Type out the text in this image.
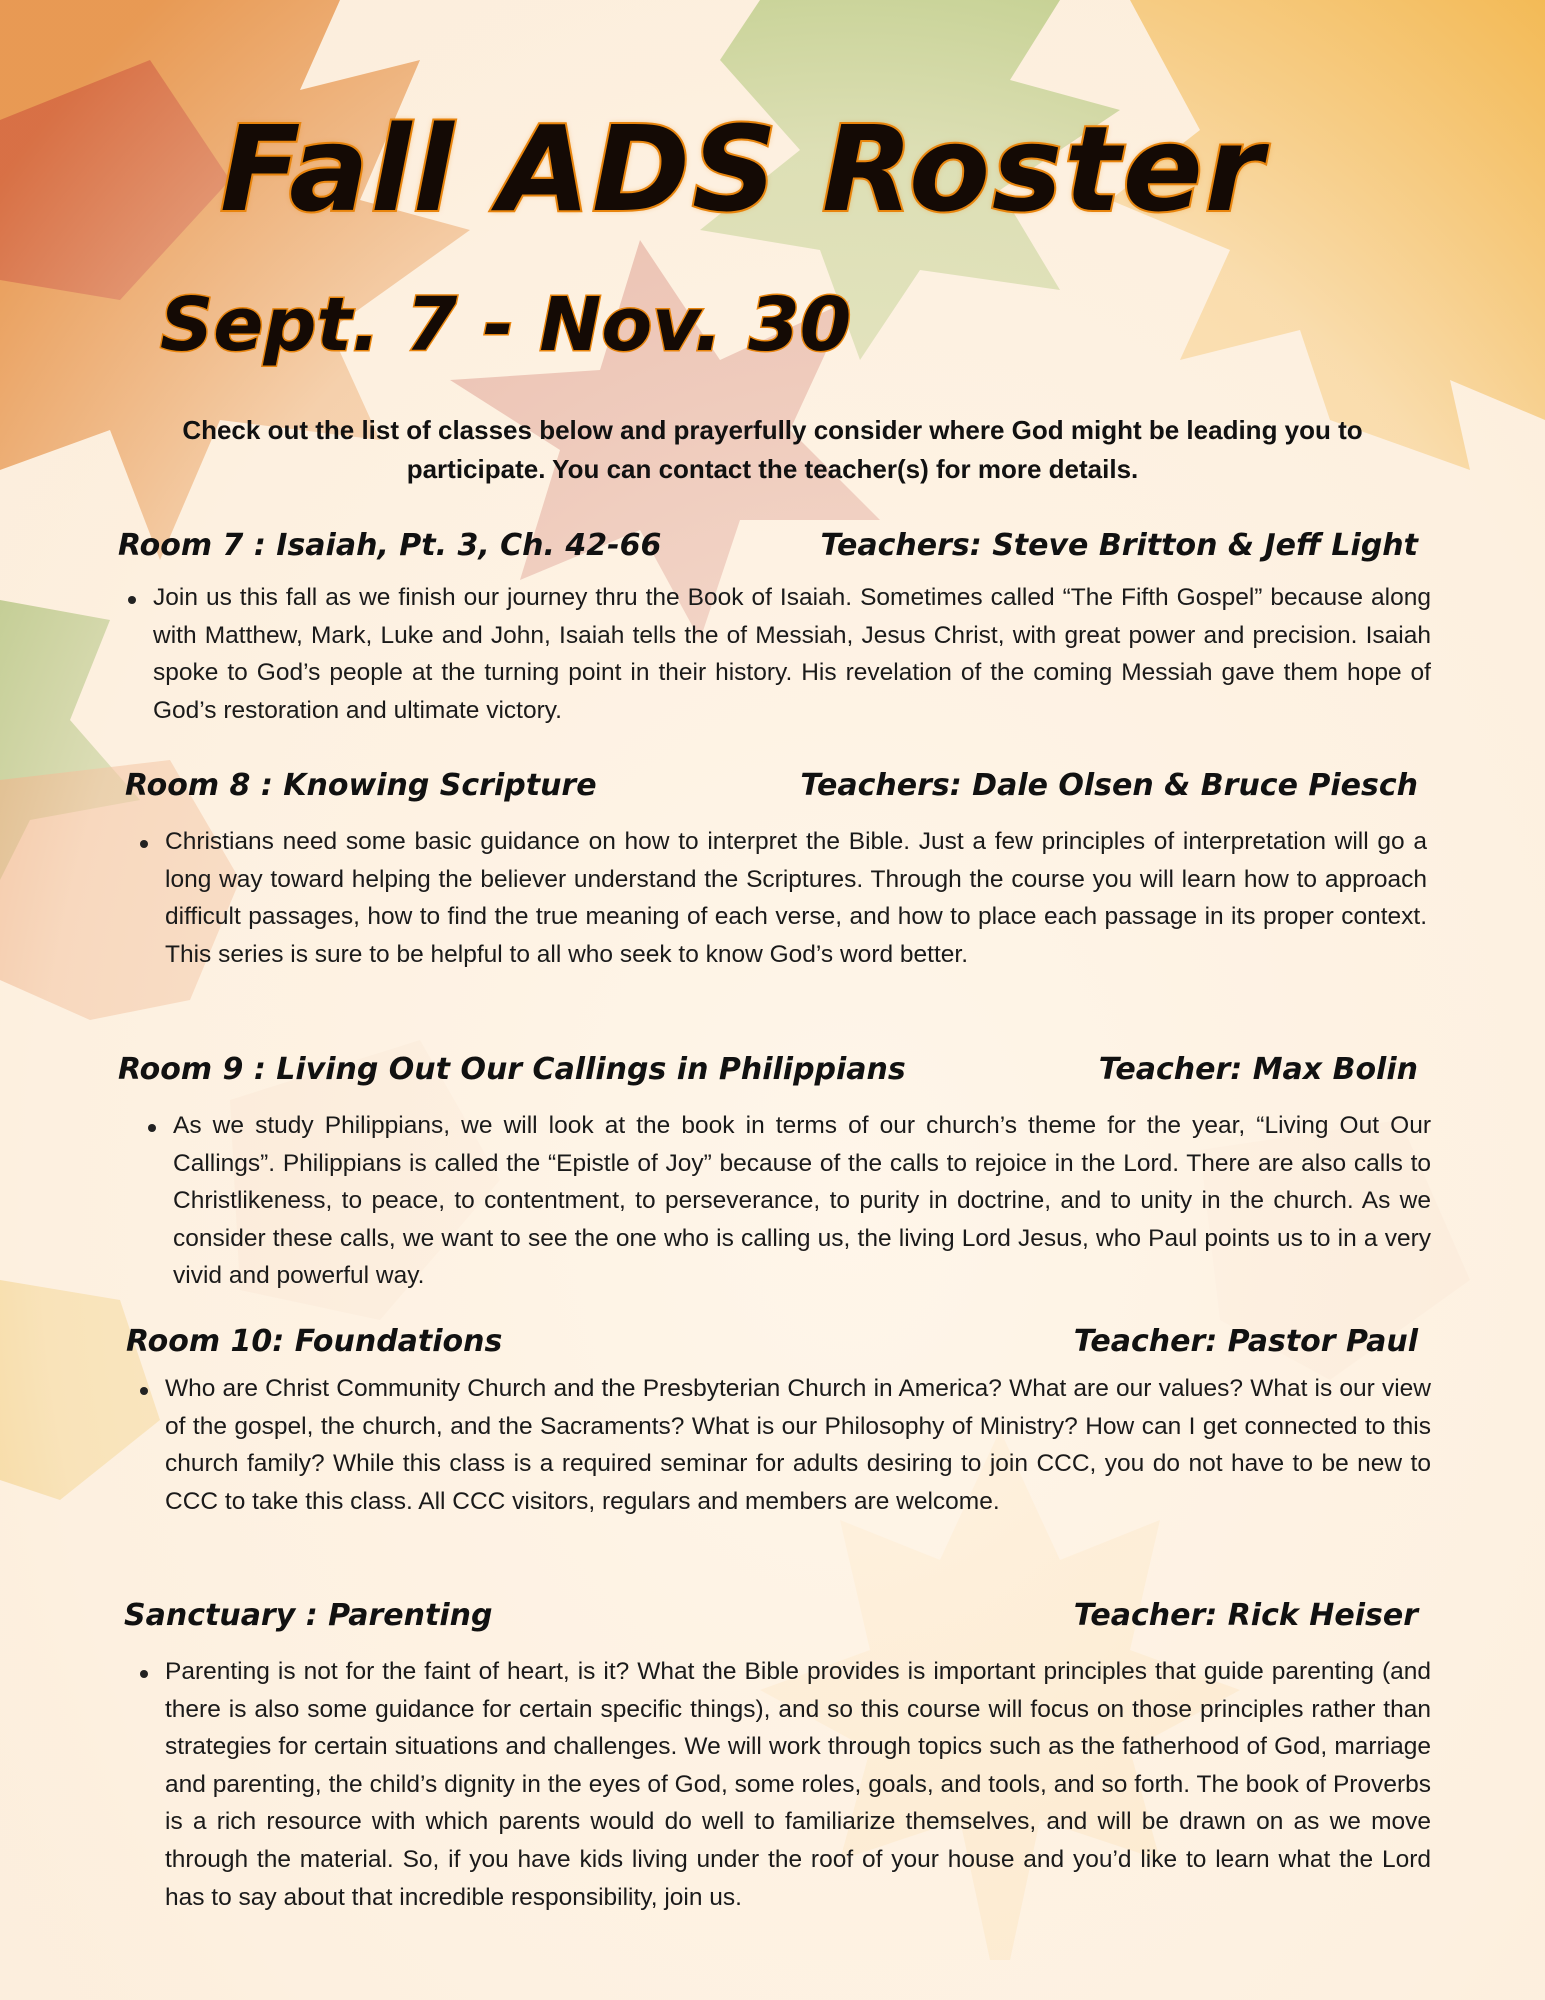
Fall ADS Roster
Sept. 7 - Nov. 30

Check out the list of classes below and prayerfully consider where God might be leading you to participate. You can contact the teacher(s) for more details.

Room 7 : Isaiah, Pt. 3, Ch. 42-66	Teachers: Steve Britton & Jeff Light

Join us this fall as we finish our journey thru the Book of Isaiah. Sometimes called “The Fifth Gospel” because along with Matthew, Mark, Luke and John, Isaiah tells the of Messiah, Jesus Christ, with great power and precision. Isaiah spoke to God’s people at the turning point in their history. His revelation of the coming Messiah gave them hope of God’s restoration and ultimate victory.

Room 8 : Knowing Scripture	Teachers: Dale Olsen & Bruce Piesch

Christians need some basic guidance on how to interpret the Bible. Just a few principles of interpretation will go a long way toward helping the believer understand the Scriptures. Through the course you will learn how to approach difficult passages, how to find the true meaning of each verse, and how to place each passage in its proper context. This series is sure to be helpful to all who seek to know God’s word better.

Room 9 : Living Out Our Callings in Philippians	Teacher: Max Bolin

As we study Philippians, we will look at the book in terms of our church’s theme for the year, “Living Out Our Callings”. Philippians is called the “Epistle of Joy” because of the calls to rejoice in the Lord. There are also calls to Christlikeness, to peace, to contentment, to perseverance, to purity in doctrine, and to unity in the church. As we consider these calls, we want to see the one who is calling us, the living Lord Jesus, who Paul points us to in a very vivid and powerful way.

Room 10: Foundations	Teacher: Pastor Paul

Who are Christ Community Church and the Presbyterian Church in America? What are our values? What is our view of the gospel, the church, and the Sacraments? What is our Philosophy of Ministry? How can I get connected to this church family? While this class is a required seminar for adults desiring to join CCC, you do not have to be new to CCC to take this class. All CCC visitors, regulars and members are welcome.

Sanctuary : Parenting	Teacher: Rick Heiser

Parenting is not for the faint of heart, is it? What the Bible provides is important principles that guide parenting (and there is also some guidance for certain specific things), and so this course will focus on those principles rather than strategies for certain situations and challenges. We will work through topics such as the fatherhood of God, marriage and parenting, the child’s dignity in the eyes of God, some roles, goals, and tools, and so forth. The book of Proverbs is a rich resource with which parents would do well to familiarize themselves, and will be drawn on as we move through the material. So, if you have kids living under the roof of your house and you’d like to learn what the Lord has to say about that incredible responsibility, join us.
